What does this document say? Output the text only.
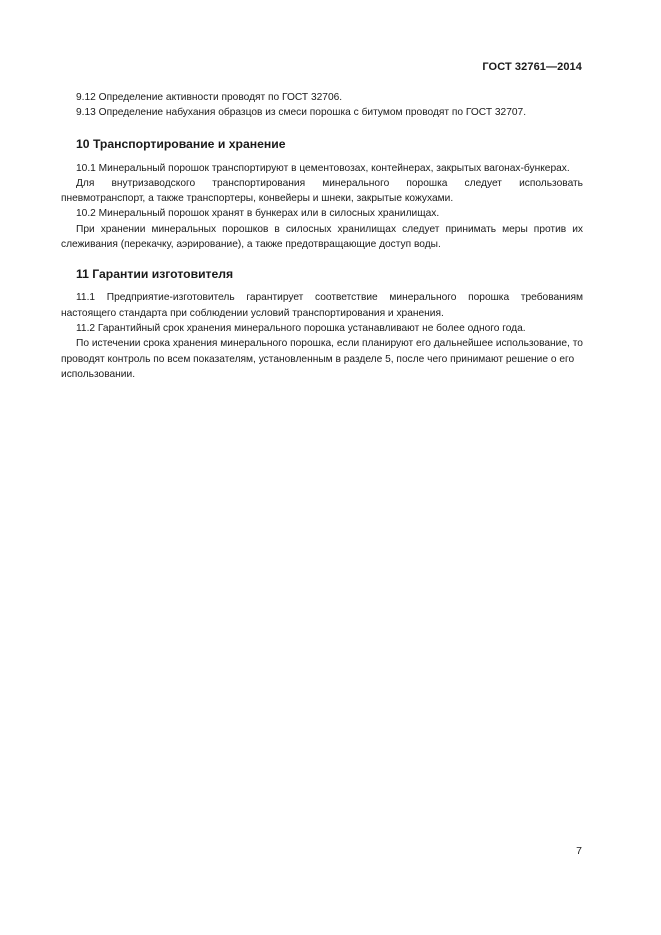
ГОСТ 32761—2014

9.12 Определение активности проводят по ГОСТ 32706.

9.13 Определение набухания образцов из смеси порошка с битумом проводят по ГОСТ 32707.

10 Транспортирование и хранение

10.1 Минеральный порошок транспортируют в цементовозах, контейнерах, закрытых вагонах-бункерах.

Для внутризаводского транспортирования минерального порошка следует использовать пневмотранспорт, а также транспортеры, конвейеры и шнеки, закрытые кожухами.

10.2 Минеральный порошок хранят в бункерах или в силосных хранилищах.

При хранении минеральных порошков в силосных хранилищах следует принимать меры против их слеживания (перекачку, аэрирование), а также предотвращающие доступ воды.

11 Гарантии изготовителя

11.1 Предприятие-изготовитель гарантирует соответствие минерального порошка требованиям настоящего стандарта при соблюдении условий транспортирования и хранения.

11.2 Гарантийный срок хранения минерального порошка устанавливают не более одного года.

По истечении срока хранения минерального порошка, если планируют его дальнейшее использование, то проводят контроль по всем показателям, установленным в разделе 5, после чего принимают решение о его использовании.

7
